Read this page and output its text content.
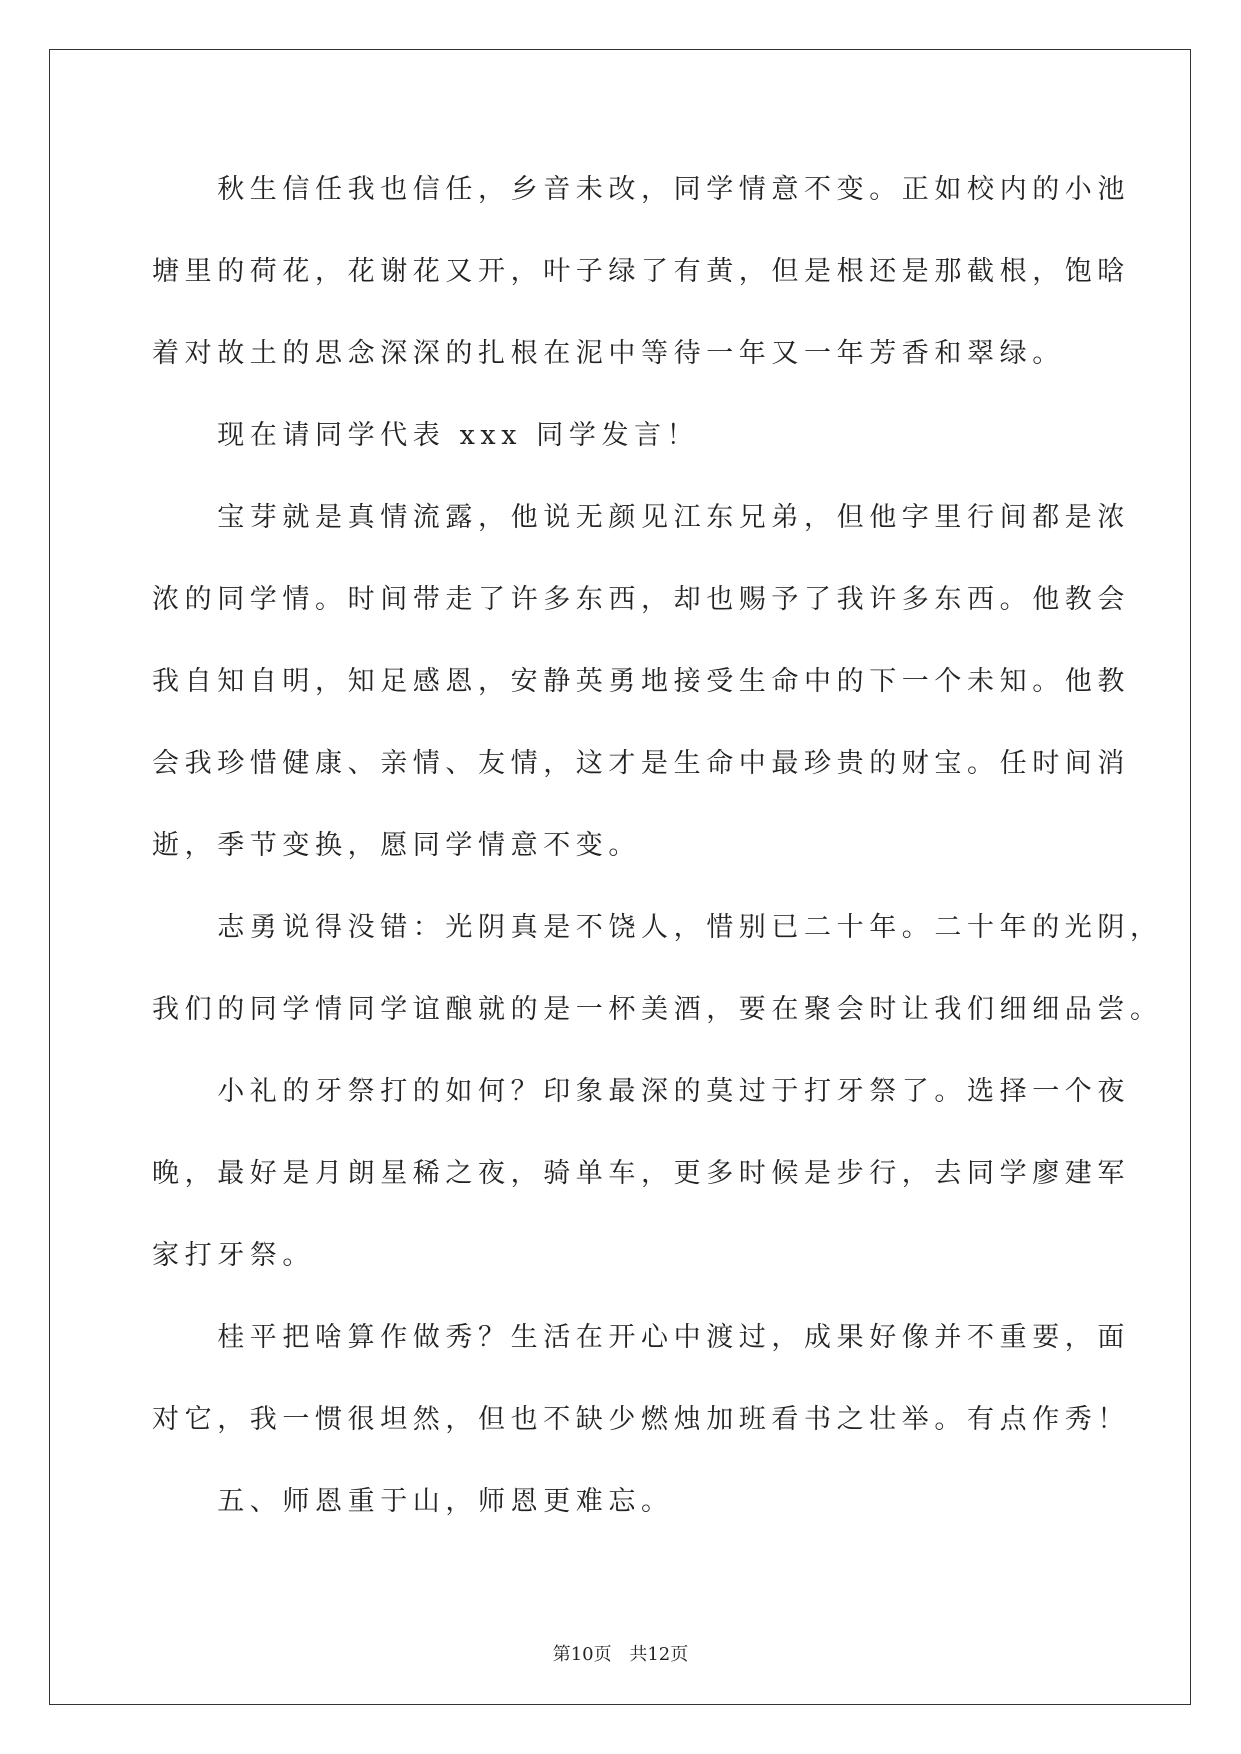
　　秋生信任我也信任，乡音未改，同学情意不变。正如校内的小池
塘里的荷花，花谢花又开，叶子绿了有黄，但是根还是那截根，饱晗
着对故土的思念深深的扎根在泥中等待一年又一年芳香和翠绿。
　　现在请同学代表 xxx 同学发言！
　　宝芽就是真情流露，他说无颜见江东兄弟，但他字里行间都是浓
浓的同学情。时间带走了许多东西，却也赐予了我许多东西。他教会
我自知自明，知足感恩，安静英勇地接受生命中的下一个未知。他教
会我珍惜健康、亲情、友情，这才是生命中最珍贵的财宝。任时间消
逝，季节变换，愿同学情意不变。
　　志勇说得没错：光阴真是不饶人，惜别已二十年。二十年的光阴，
我们的同学情同学谊酿就的是一杯美酒，要在聚会时让我们细细品尝。
　　小礼的牙祭打的如何？印象最深的莫过于打牙祭了。选择一个夜
晚，最好是月朗星稀之夜，骑单车，更多时候是步行，去同学廖建军
家打牙祭。
　　桂平把啥算作做秀？生活在开心中渡过，成果好像并不重要，面
对它，我一惯很坦然，但也不缺少燃烛加班看书之壮举。有点作秀！
　　五、师恩重于山，师恩更难忘。
第10页 共12页
